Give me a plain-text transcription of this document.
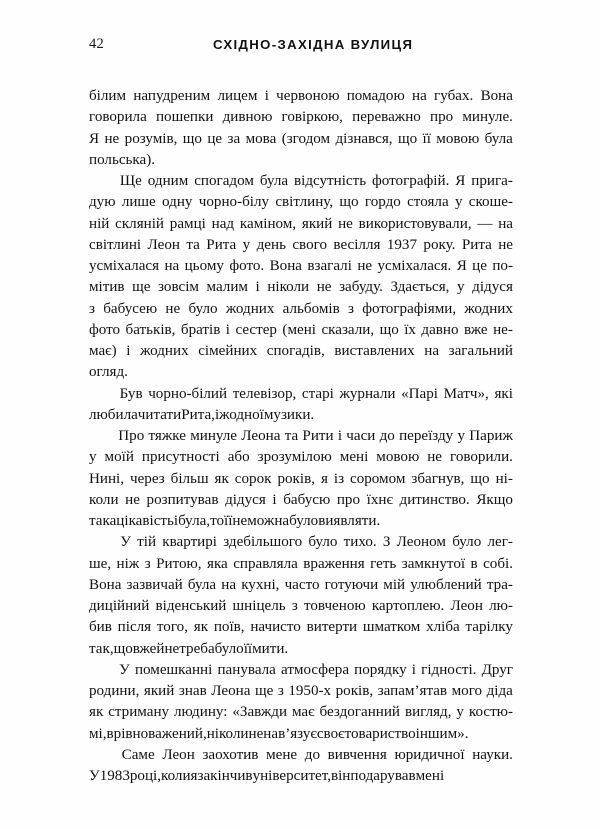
42	СХІДНО-ЗАХІДНА ВУЛИЦЯ
білим напудреним лицем і червоною помадою на губах. Вона
говорила пошепки дивною говіркою, переважно про минуле.
Я не розумів, що це за мова (згодом дізнався, що її мовою була
польська).
Ще одним спогадом була відсутність фотографій. Я прига-
дую лише одну чорно-білу світлину, що гордо стояла у скоше-
ній скляній рамці над каміном, який не використовували, — на
світлині Леон та Рита у день свого весілля 1937 року. Рита не
усміхалася на цьому фото. Вона взагалі не усміхалася. Я це по-
мітив ще зовсім малим і ніколи не забуду. Здається, у дідуся
з бабусею не було жодних альбомів з фотографіями, жодних
фото батьків, братів і сестер (мені сказали, що їх давно вже не-
має) і жодних сімейних спогадів, виставлених на загальний
огляд.
Був чорно-білий телевізор, старі журнали «Парі Матч», які
любила читати Рита, і жодної музики.
Про тяжке минуле Леона та Рити і часи до переїзду у Париж
у моїй присутності або зрозумілою мені мовою не говорили.
Нині, через більш як сорок років, я із соромом збагнув, що ні-
коли не розпитував дідуся і бабусю про їхнє дитинство. Якщо
така цікавість і була, то її не можна було виявляти.
У тій квартирі здебільшого було тихо. З Леоном було лег-
ше, ніж з Ритою, яка справляла враження геть замкнутої в собі.
Вона зазвичай була на кухні, часто готуючи мій улюблений тра-
диційний віденський шніцель з товченою картоплею. Леон лю-
бив після того, як поїв, начисто витерти шматком хліба тарілку
так, що вже й не треба було її мити.
У помешканні панувала атмосфера порядку і гідності. Друг
родини, який знав Леона ще з 1950-х років, запам’ятав мого діда
як стриману людину: «Завжди має бездоганний вигляд, у костю-
мі, врівноважений, ніколи не нав’язує своє товариство іншим».
Саме Леон заохотив мене до вивчення юридичної науки.
У 1983 році, коли я закінчив університет, він подарував мені
